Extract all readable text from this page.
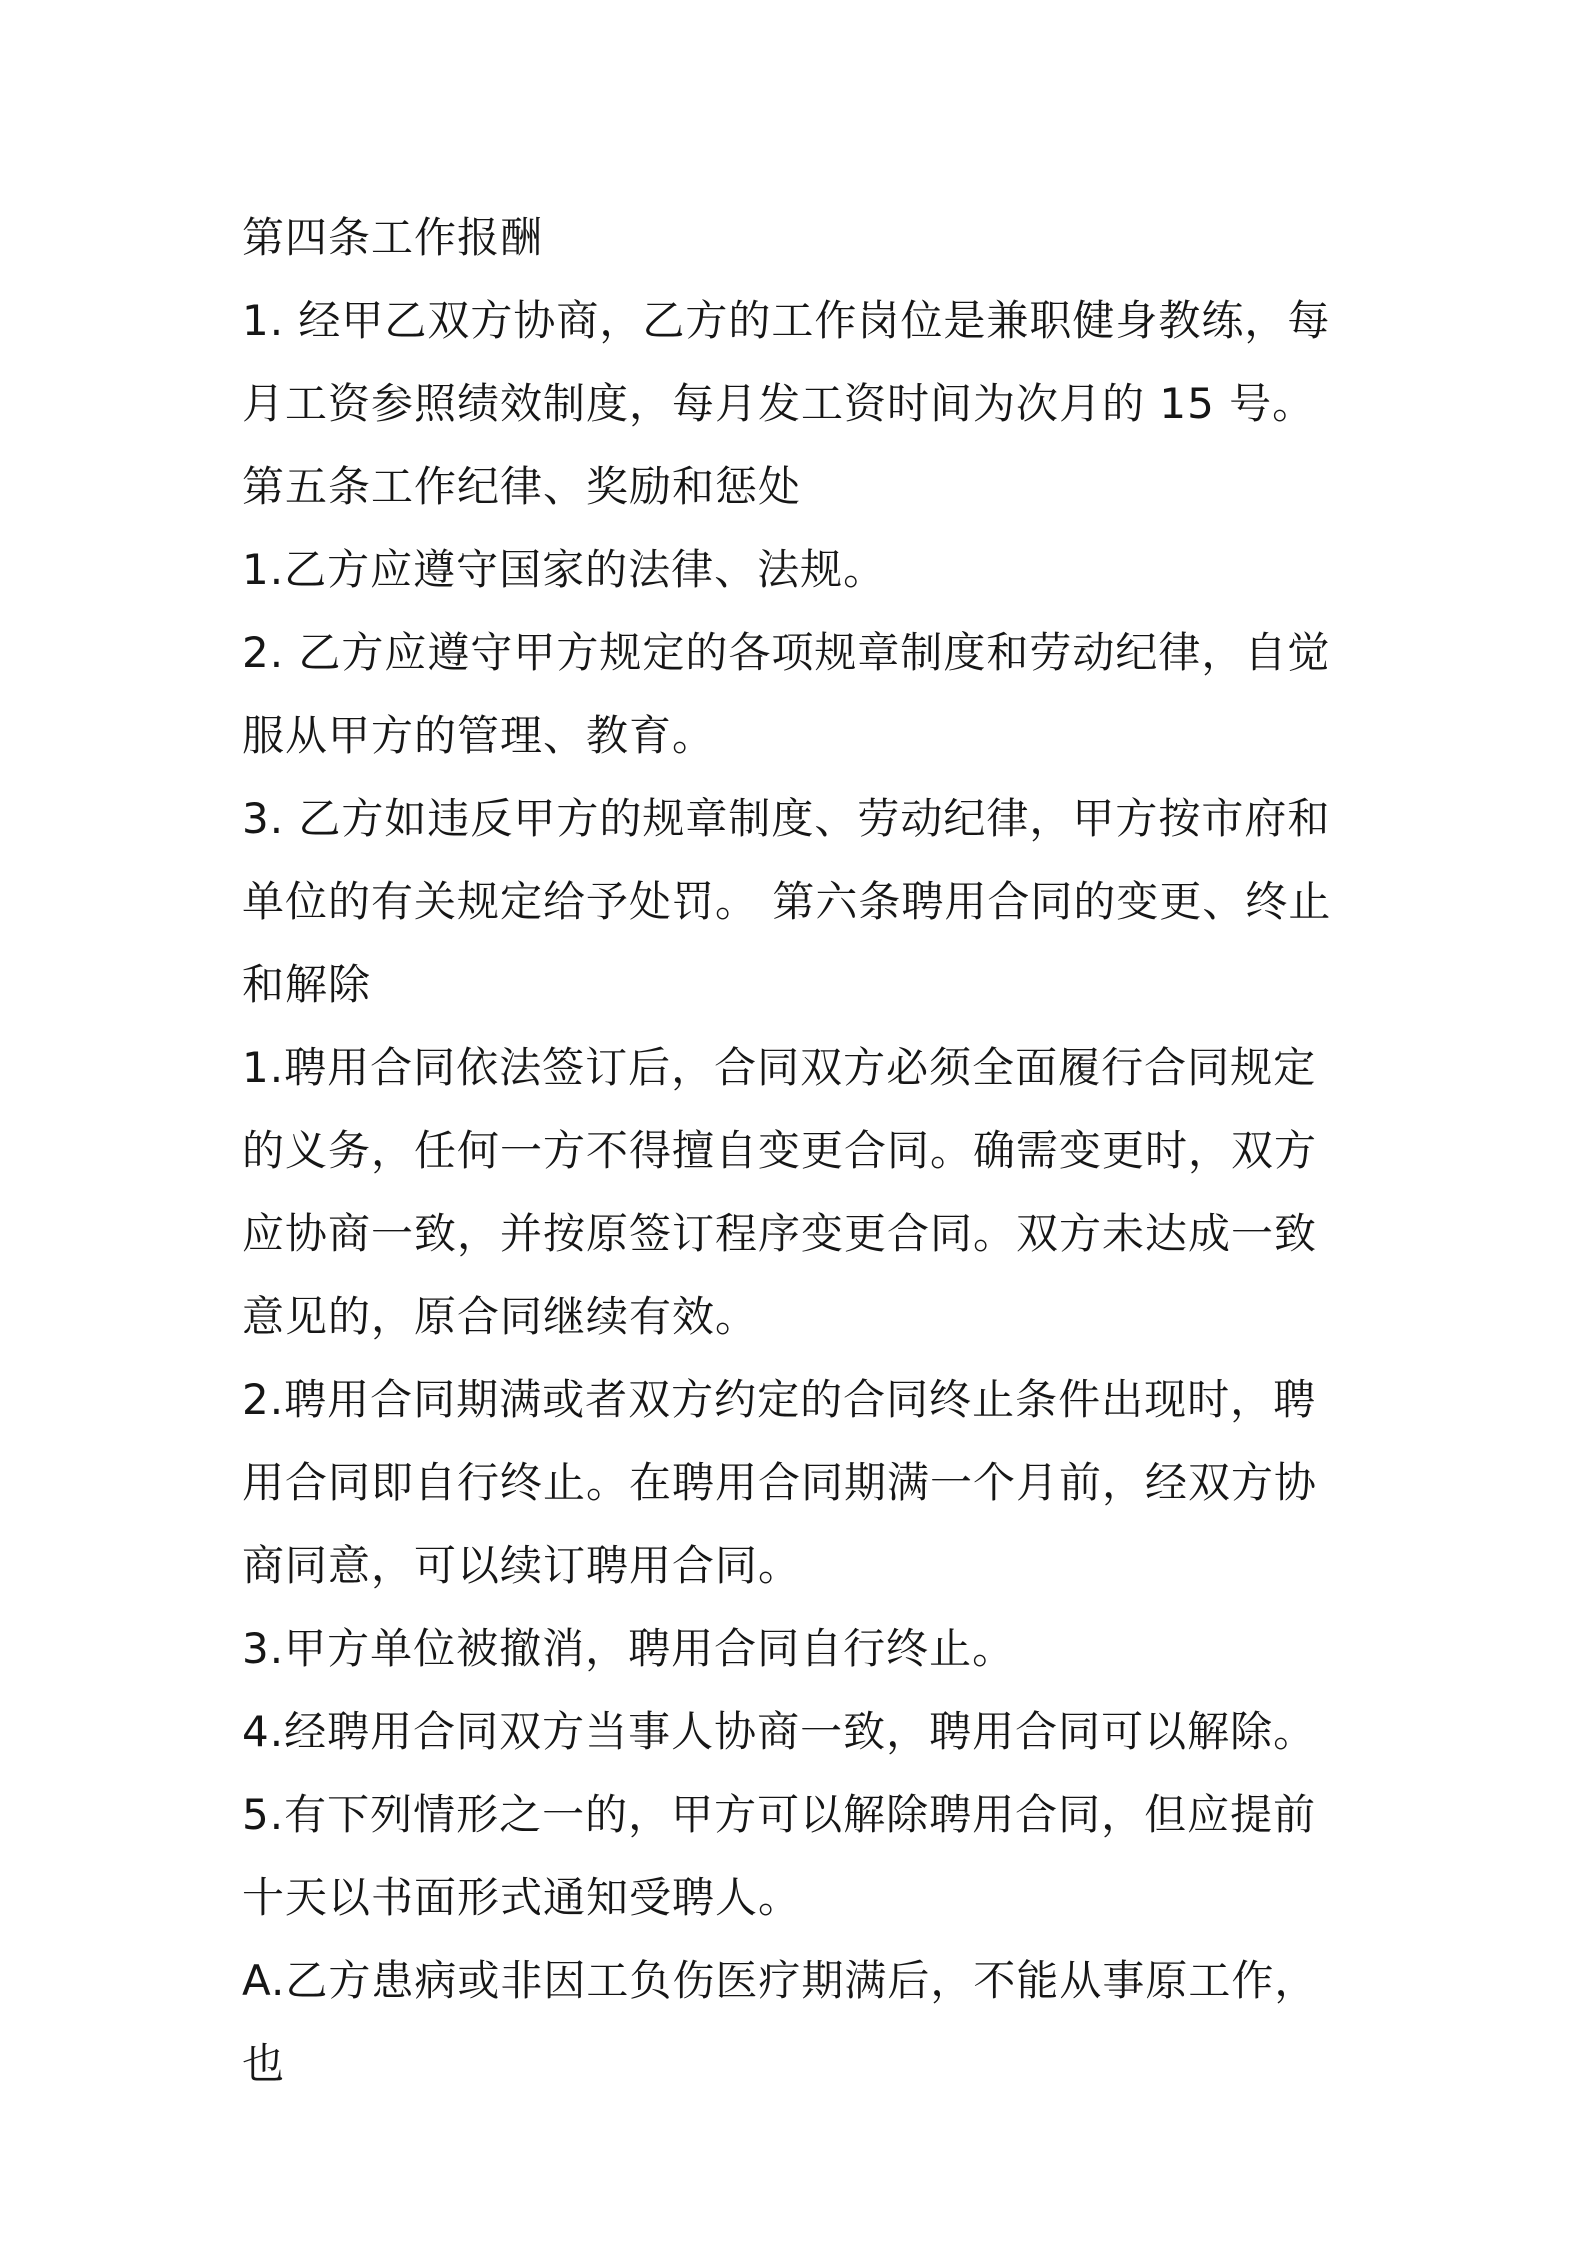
第四条工作报酬

1. 经甲乙双方协商，乙方的工作岗位是兼职健身教练，每月工资参照绩效制度，每月发工资时间为次月的 15 号。

第五条工作纪律、奖励和惩处

1.乙方应遵守国家的法律、法规。

2. 乙方应遵守甲方规定的各项规章制度和劳动纪律，自觉服从甲方的管理、教育。

3. 乙方如违反甲方的规章制度、劳动纪律，甲方按市府和单位的有关规定给予处罚。 第六条聘用合同的变更、终止和解除

1.聘用合同依法签订后，合同双方必须全面履行合同规定的义务，任何一方不得擅自变更合同。确需变更时，双方应协商一致，并按原签订程序变更合同。双方未达成一致意见的，原合同继续有效。

2.聘用合同期满或者双方约定的合同终止条件出现时，聘用合同即自行终止。在聘用合同期满一个月前，经双方协商同意，可以续订聘用合同。

3.甲方单位被撤消，聘用合同自行终止。

4.经聘用合同双方当事人协商一致，聘用合同可以解除。

5.有下列情形之一的，甲方可以解除聘用合同，但应提前十天以书面形式通知受聘人。

A.乙方患病或非因工负伤医疗期满后，不能从事原工作，也
